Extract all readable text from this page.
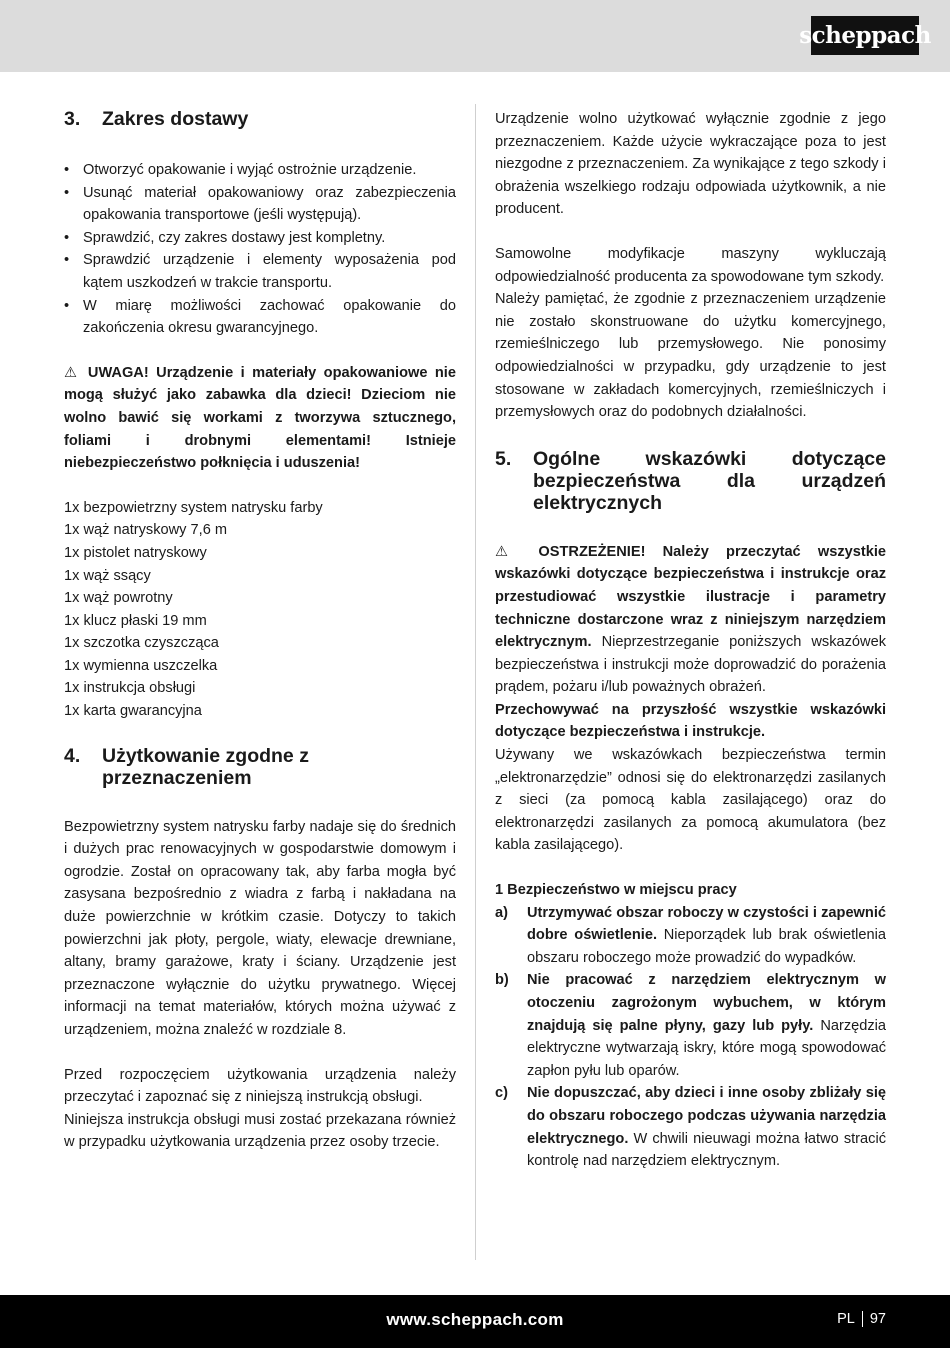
scheppach
3.	Zakres dostawy
• Otworzyć opakowanie i wyjąć ostrożnie urządzenie.
• Usunąć materiał opakowaniowy oraz zabezpieczenia opakowania transportowe (jeśli występują).
• Sprawdzić, czy zakres dostawy jest kompletny.
• Sprawdzić urządzenie i elementy wyposażenia pod kątem uszkodzeń w trakcie transportu.
• W miarę możliwości zachować opakowanie do zakończenia okresu gwarancyjnego.

⚠ UWAGA! Urządzenie i materiały opakowaniowe nie mogą służyć jako zabawka dla dzieci! Dzieciom nie wolno bawić się workami z tworzywa sztucznego, foliami i drobnymi elementami! Istnieje niebezpieczeństwo połknięcia i uduszenia!

1x bezpowietrzny system natrysku farby
1x wąż natryskowy 7,6 m
1x pistolet natryskowy
1x wąż ssący
1x wąż powrotny
1x klucz płaski 19 mm
1x szczotka czyszcząca
1x wymienna uszczelka
1x instrukcja obsługi
1x karta gwarancyjna
4.	Użytkowanie zgodne z przeznaczeniem

Bezpowietrzny system natrysku farby nadaje się do średnich i dużych prac renowacyjnych w gospodarstwie domowym i ogrodzie. Został on opracowany tak, aby farba mogła być zasysana bezpośrednio z wiadra z farbą i nakładana na duże powierzchnie w krótkim czasie. Dotyczy to takich powierzchni jak płoty, pergole, wiaty, elewacje drewniane, altany, bramy garażowe, kraty i ściany. Urządzenie jest przeznaczone wyłącznie do użytku prywatnego. Więcej informacji na temat materiałów, których można używać z urządzeniem, można znaleźć w rozdziale 8.

Przed rozpoczęciem użytkowania urządzenia należy przeczytać i zapoznać się z niniejszą instrukcją obsługi.

Niniejsza instrukcja obsługi musi zostać przekazana również w przypadku użytkowania urządzenia przez osoby trzecie.

Urządzenie wolno użytkować wyłącznie zgodnie z jego przeznaczeniem. Każde użycie wykraczające poza to jest niezgodne z przeznaczeniem. Za wynikające z tego szkody i obrażenia wszelkiego rodzaju odpowiada użytkownik, a nie producent.

Samowolne modyfikacje maszyny wykluczają odpowiedzialność producenta za spowodowane tym szkody.

Należy pamiętać, że zgodnie z przeznaczeniem urządzenie nie zostało skonstruowane do użytku komercyjnego, rzemieślniczego lub przemysłowego. Nie ponosimy odpowiedzialności w przypadku, gdy urządzenie to jest stosowane w zakładach komercyjnych, rzemieślniczych i przemysłowych oraz do podobnych działalności.

5.	Ogólne wskazówki dotyczące bezpieczeństwa dla urządzeń elektrycznych

⚠ OSTRZEŻENIE! Należy przeczytać wszystkie wskazówki dotyczące bezpieczeństwa i instrukcje oraz przestudiować wszystkie ilustracje i parametry techniczne dostarczone wraz z niniejszym narzędziem elektrycznym. Nieprzestrzeganie poniższych wskazówek bezpieczeństwa i instrukcji może doprowadzić do porażenia prądem, pożaru i/lub poważnych obrażeń.

Przechowywać na przyszłość wszystkie wskazówki dotyczące bezpieczeństwa i instrukcje.

Używany we wskazówkach bezpieczeństwa termin „elektronarzędzie” odnosi się do elektronarzędzi zasilanych z sieci (za pomocą kabla zasilającego) oraz do elektronarzędzi zasilanych za pomocą akumulatora (bez kabla zasilającego).

1 Bezpieczeństwo w miejscu pracy
a)	Utrzymywać obszar roboczy w czystości i zapewnić dobre oświetlenie. Nieporządek lub brak oświetlenia obszaru roboczego może prowadzić do wypadków.

b)	Nie pracować z narzędziem elektrycznym w otoczeniu zagrożonym wybuchem, w którym znajdują się palne płyny, gazy lub pyły. Narzędzia elektryczne wytwarzają iskry, które mogą spowodować zapłon pyłu lub oparów.

c)	Nie dopuszczać, aby dzieci i inne osoby zbliżały się do obszaru roboczego podczas używania narzędzia elektrycznego. W chwili nieuwagi można łatwo stracić kontrolę nad narzędziem elektrycznym.

www.scheppach.com	PL 97
